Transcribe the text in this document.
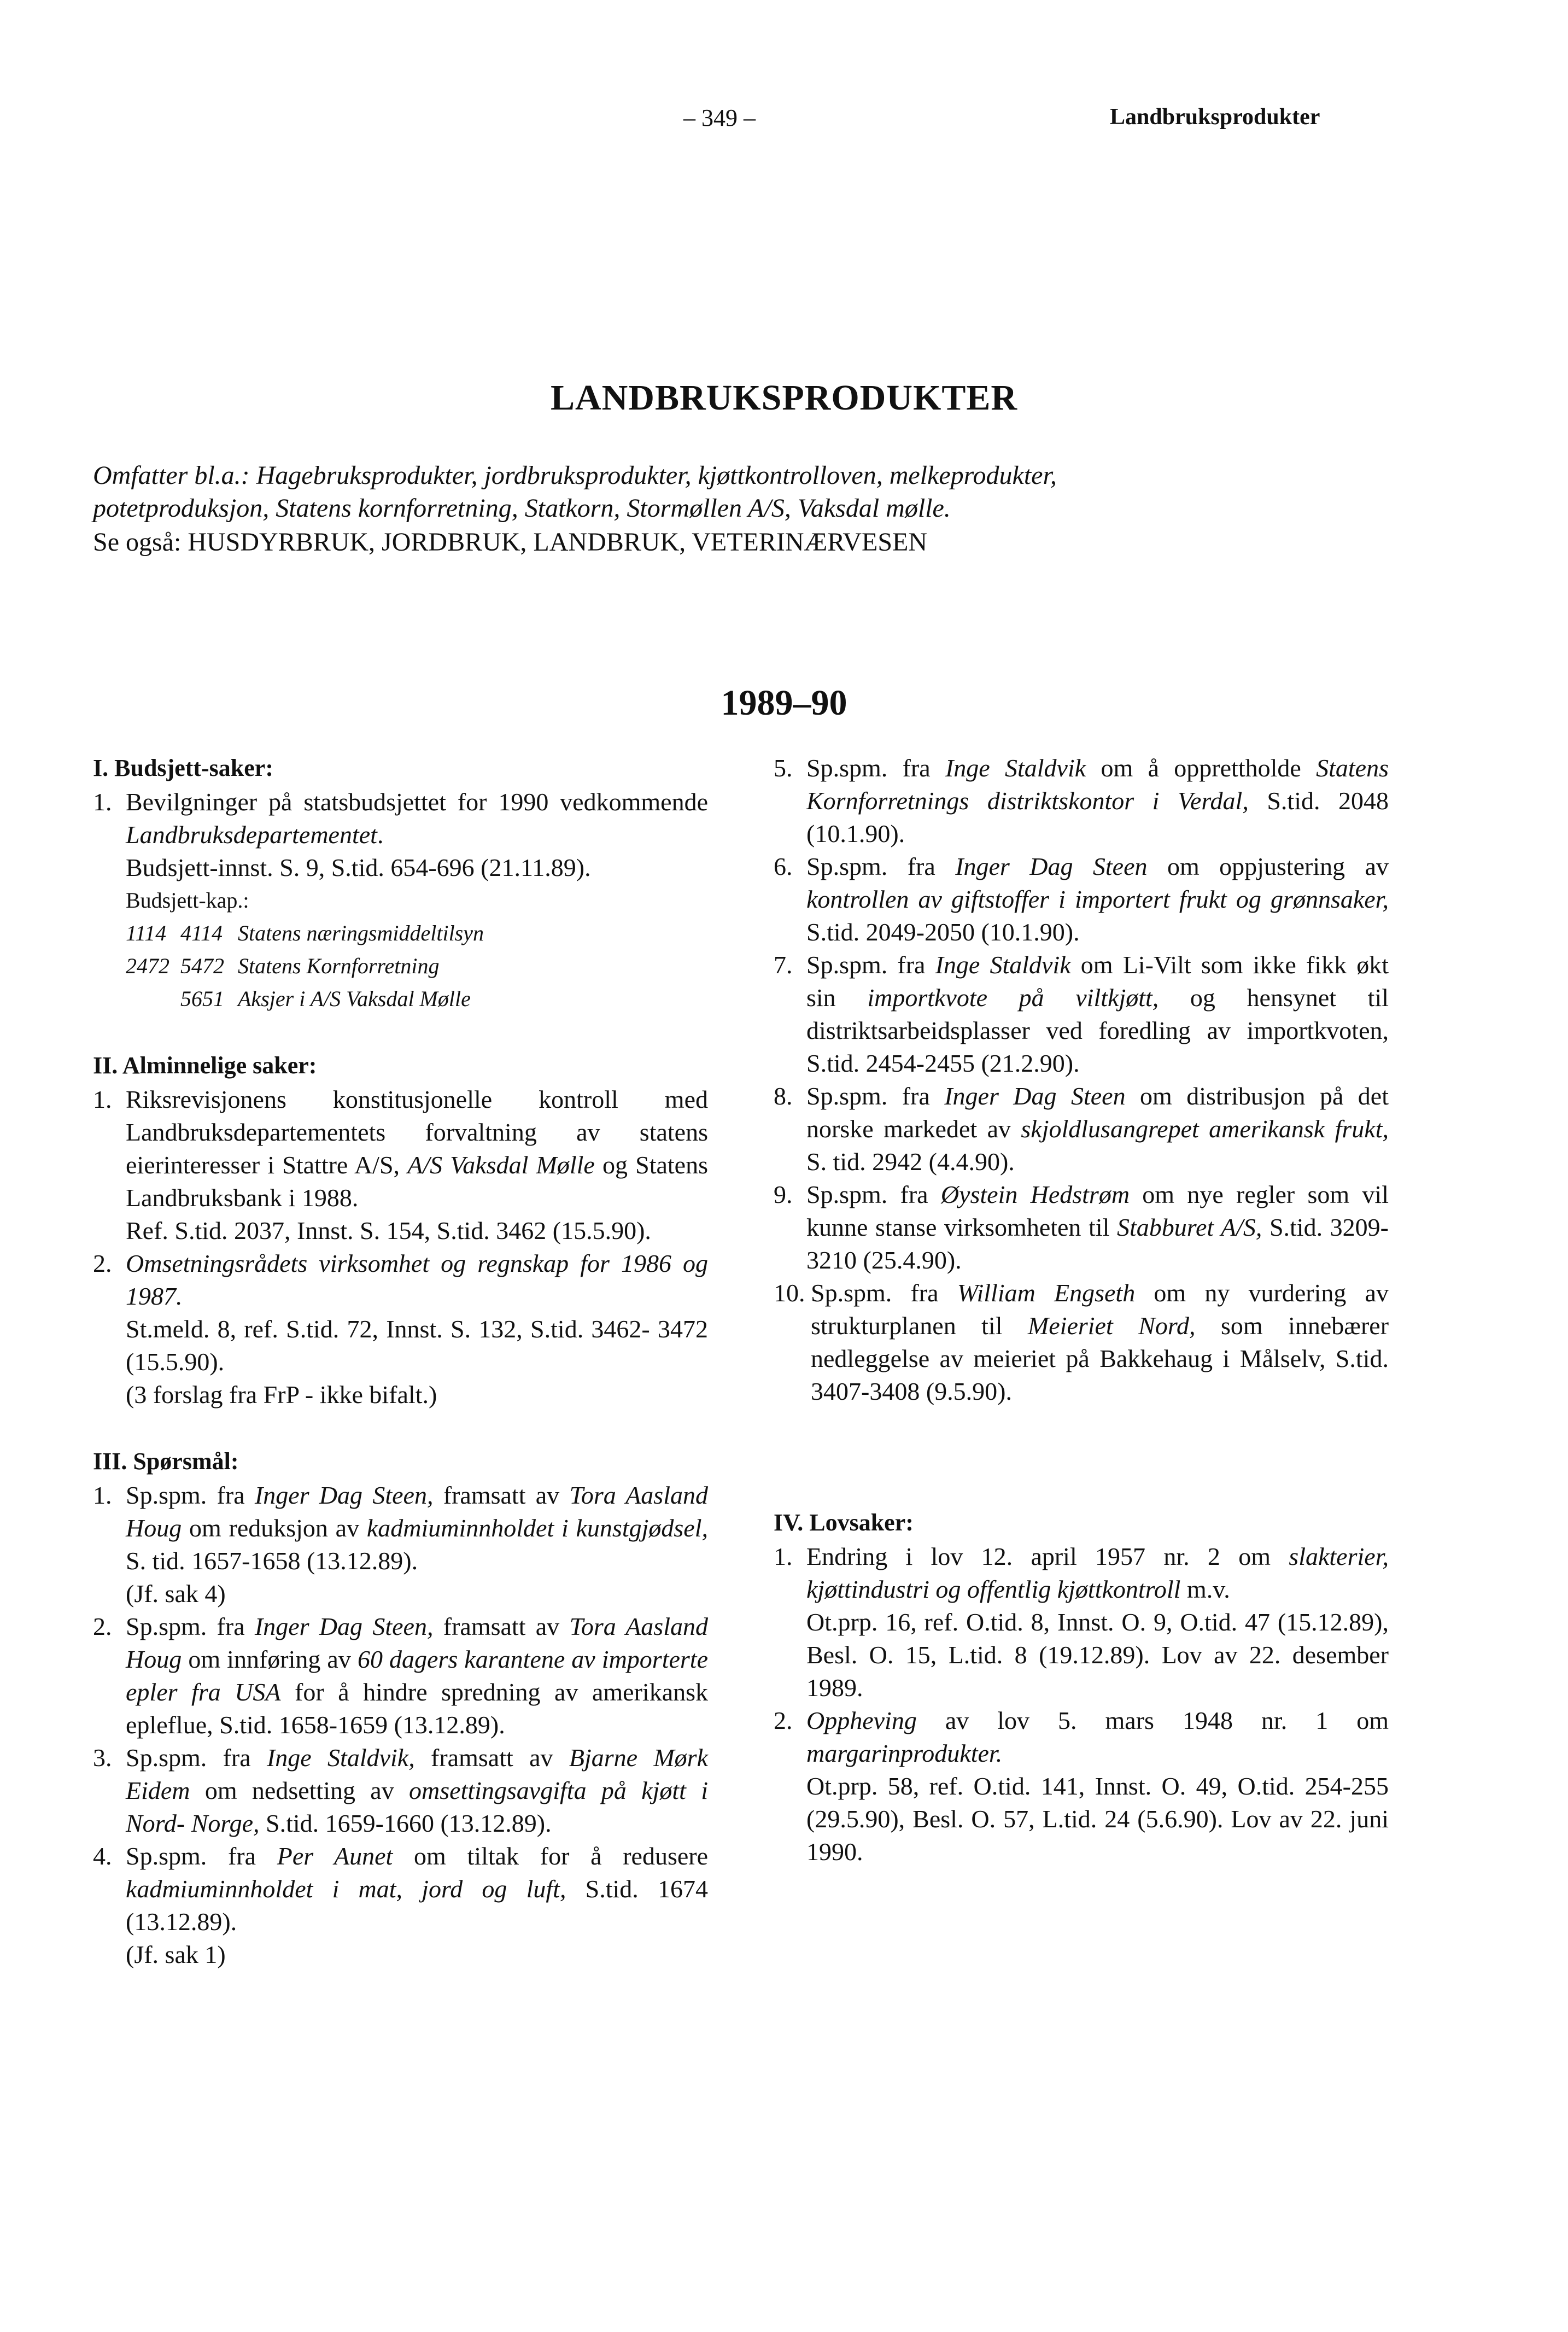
– 349 –	Landbruksprodukter
LANDBRUKSPRODUKTER
Omfatter bl.a.: Hagebruksprodukter, jordbruksprodukter, kjøttkontrolloven, melkeprodukter,
potetproduksjon, Statens kornforretning, Statkorn, Stormøllen A/S, Vaksdal mølle.
Se også: HUSDYRBRUK, JORDBRUK, LANDBRUK, VETERINÆRVESEN
1989–90
I. Budsjett-saker:
1. Bevilgninger på statsbudsjettet for 1990 vedkommende Landbruksdepartementet.
Budsjett-innst. S. 9, S.tid. 654-696 (21.11.89).
Budsjett-kap.:
1114 4114 Statens næringsmiddeltilsyn
2472 5472 Statens Kornforretning
5651 Aksjer i A/S Vaksdal Mølle
II. Alminnelige saker:
1. Riksrevisjonens konstitusjonelle kontroll med Landbruksdepartementets forvaltning av statens eierinteresser i Stattre A/S, A/S Vaksdal Mølle og Statens Landbruksbank i 1988.
Ref. S.tid. 2037, Innst. S. 154, S.tid. 3462 (15.5.90).
2. Omsetningsrådets virksomhet og regnskap for 1986 og 1987.
St.meld. 8, ref. S.tid. 72, Innst. S. 132, S.tid. 3462- 3472 (15.5.90).
(3 forslag fra FrP - ikke bifalt.)
III. Spørsmål:
1. Sp.spm. fra Inger Dag Steen, framsatt av Tora Aasland Houg om reduksjon av kadmiuminnholdet i kunstgjødsel, S. tid. 1657-1658 (13.12.89).
(Jf. sak 4)
2. Sp.spm. fra Inger Dag Steen, framsatt av Tora Aasland Houg om innføring av 60 dagers karantene av importerte epler fra USA for å hindre spredning av amerikansk epleflue, S.tid. 1658-1659 (13.12.89).
3. Sp.spm. fra Inge Staldvik, framsatt av Bjarne Mørk Eidem om nedsetting av omsettingsavgifta på kjøtt i Nord- Norge, S.tid. 1659-1660 (13.12.89).
4. Sp.spm. fra Per Aunet om tiltak for å redusere kadmiuminnholdet i mat, jord og luft, S.tid. 1674 (13.12.89).
(Jf. sak 1)
5. Sp.spm. fra Inge Staldvik om å opprettholde Statens Kornforretnings distriktskontor i Verdal, S.tid. 2048 (10.1.90).
6. Sp.spm. fra Inger Dag Steen om oppjustering av kontrollen av giftstoffer i importert frukt og grønnsaker, S.tid. 2049-2050 (10.1.90).
7. Sp.spm. fra Inge Staldvik om Li-Vilt som ikke fikk økt sin importkvote på viltkjøtt, og hensynet til distriktsarbeidsplasser ved foredling av importkvoten, S.tid. 2454-2455 (21.2.90).
8. Sp.spm. fra Inger Dag Steen om distribusjon på det norske markedet av skjoldlusangrepet amerikansk frukt, S. tid. 2942 (4.4.90).
9. Sp.spm. fra Øystein Hedstrøm om nye regler som vil kunne stanse virksomheten til Stabburet A/S, S.tid. 3209-3210 (25.4.90).
10. Sp.spm. fra William Engseth om ny vurdering av strukturplanen til Meieriet Nord, som innebærer nedleggelse av meieriet på Bakkehaug i Målselv, S.tid. 3407-3408 (9.5.90).
IV. Lovsaker:
1. Endring i lov 12. april 1957 nr. 2 om slakterier, kjøttindustri og offentlig kjøttkontroll m.v.
Ot.prp. 16, ref. O.tid. 8, Innst. O. 9, O.tid. 47 (15.12.89), Besl. O. 15, L.tid. 8 (19.12.89). Lov av 22. desember 1989.
2. Oppheving av lov 5. mars 1948 nr. 1 om margarinprodukter.
Ot.prp. 58, ref. O.tid. 141, Innst. O. 49, O.tid. 254-255 (29.5.90), Besl. O. 57, L.tid. 24 (5.6.90). Lov av 22. juni 1990.
